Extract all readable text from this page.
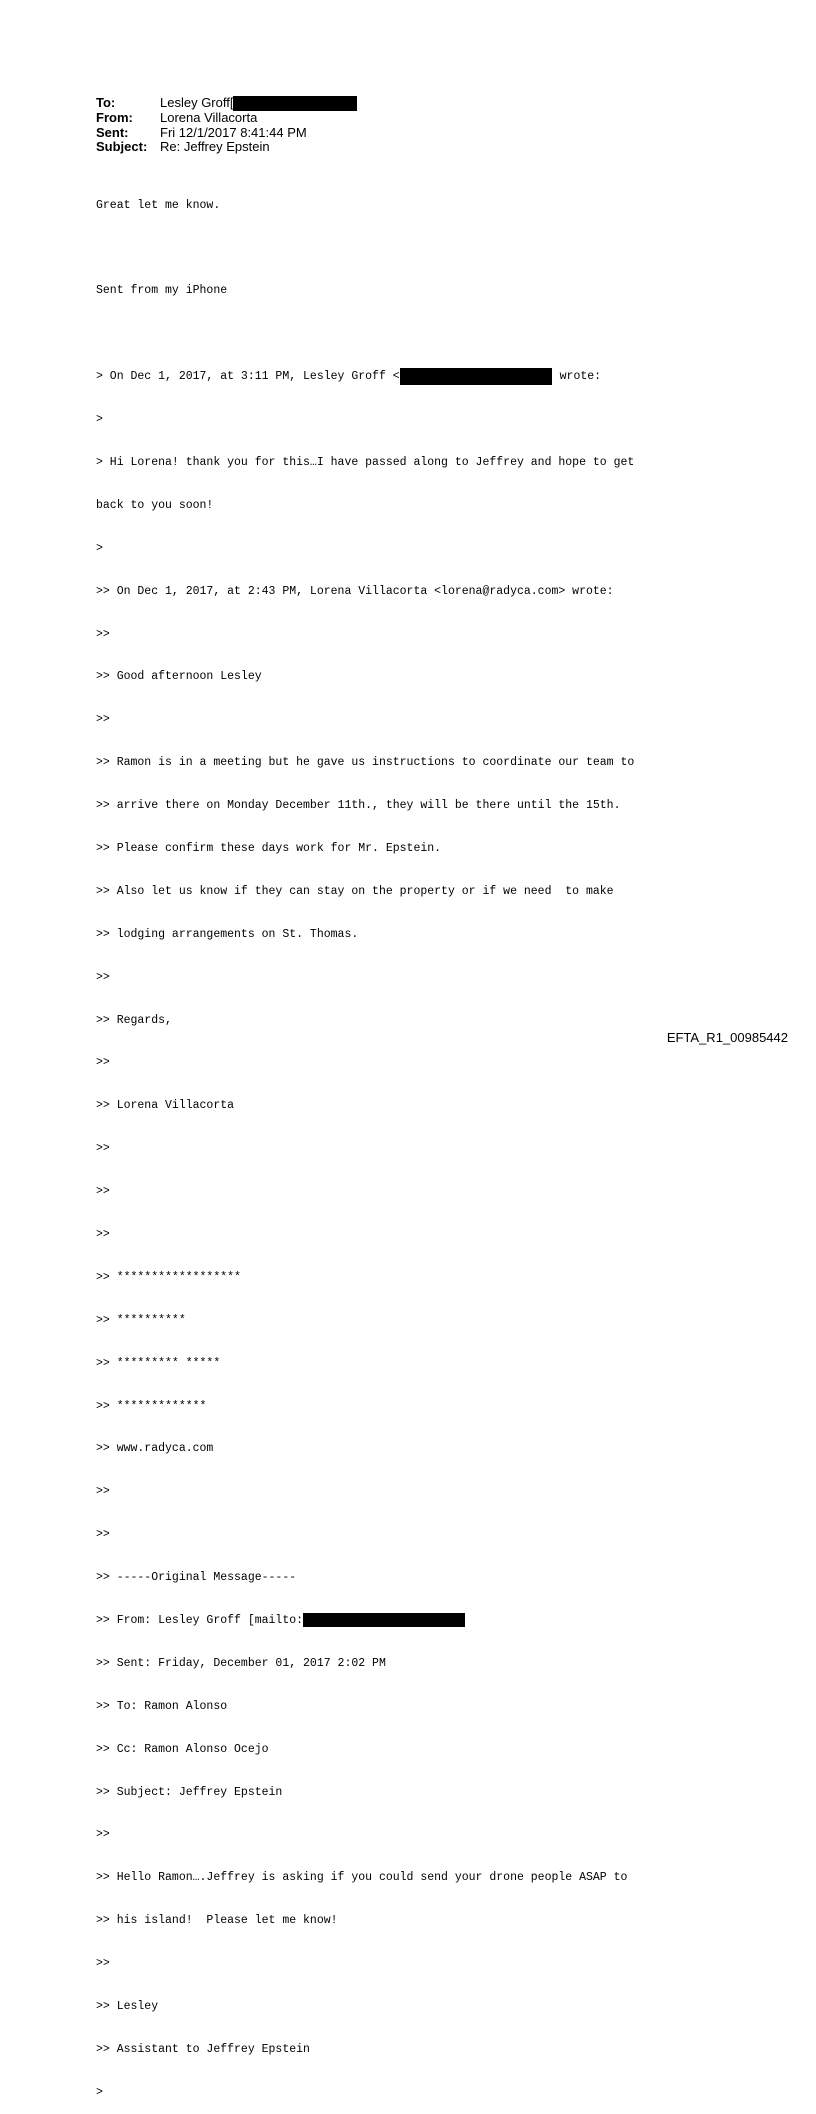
To:	Lesley Groff[
From:	Lorena Villacorta
Sent:	Fri 12/1/2017 8:41:44 PM
Subject: Re: Jeffrey Epstein

Great let me know.

Sent from my iPhone

> On Dec 1, 2017, at 3:11 PM, Lesley Groff <	wrote:

>

> Hi Lorena! thank you for this…I have passed along to Jeffrey and hope to get

back to you soon!

>

>> On Dec 1, 2017, at 2:43 PM, Lorena Villacorta <lorena@radyca.com> wrote:

>>

>> Good afternoon Lesley

>>

>> Ramon is in a meeting but he gave us instructions to coordinate our team to

>> arrive there on Monday December 11th., they will be there until the 15th.

>> Please confirm these days work for Mr. Epstein.

>> Also let us know if they can stay on the property or if we need  to make

>> lodging arrangements on St. Thomas.

>>

>> Regards,

>>

>> Lorena Villacorta

>>

>>

>>

>> ******************

>> **********

>> ********* *****

>> *************

>> www.radyca.com

>>

>>

>> -----Original Message-----

>> From: Lesley Groff [mailto:

>> Sent: Friday, December 01, 2017 2:02 PM

>> To: Ramon Alonso

>> Cc: Ramon Alonso Ocejo

>> Subject: Jeffrey Epstein

>>

>> Hello Ramon….Jeffrey is asking if you could send your drone people ASAP to

>> his island!  Please let me know!

>>

>> Lesley

>> Assistant to Jeffrey Epstein

>

EFTA_R1_00985442
